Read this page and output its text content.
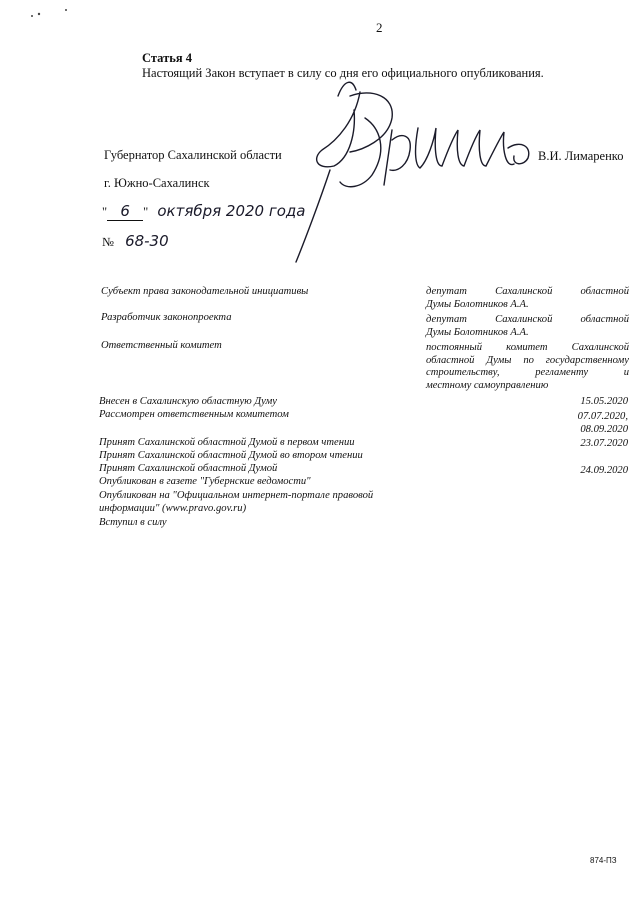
2
Статья 4
Настоящий Закон вступает в силу со дня его официального опубликования.
Губернатор Сахалинской области	В.И. Лимаренко
г. Южно-Сахалинск
" 6 " октября 2020 года
№ 68-30
Субъект права законодательной инициативы	депутат Сахалинской областной
Думы Болотников А.А.
Разработчик законопроекта	депутат Сахалинской областной
Думы Болотников А.А.
Ответственный комитет	постоянный комитет Сахалинской
областной Думы по государственному
строительству, регламенту и
местному самоуправлению
Внесен в Сахалинскую областную Думу	15.05.2020
Рассмотрен ответственным комитетом	07.07.2020,
08.09.2020
Принят Сахалинской областной Думой в первом чтении	23.07.2020
Принят Сахалинской областной Думой во втором чтении
Принят Сахалинской областной Думой	24.09.2020
Опубликован в газете "Губернские ведомости"
Опубликован на "Официальном интернет-портале правовой
информации" (www.pravo.gov.ru)
Вступил в силу
874-ПЗ
